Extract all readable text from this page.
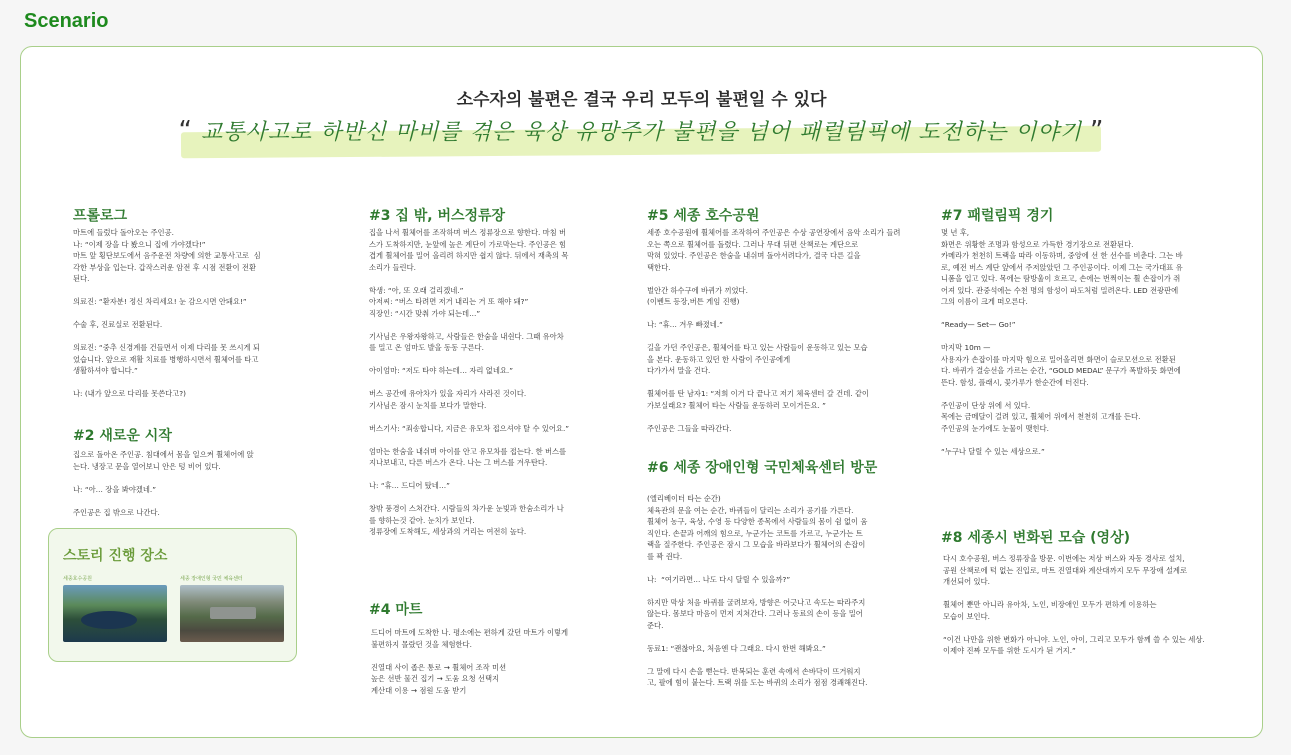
Scenario
소수자의 불편은 결국 우리 모두의 불편일 수 있다
“ 교통사고로 하반신 마비를 겪은 육상 유망주가 불편을 넘어 패럴림픽에 도전하는 이야기 ”
프롤로그
마트에 들렀다 돌아오는 주인공.
나: “이제 장을 다 봤으니 집에 가야겠다!”
마트 앞 횡단보도에서 음주운전 차량에 의한 교통사고로  심
각한 부상을 입는다. 갑작스러운 암전 후 시점 전환이 전환
된다.

의료진: “환자분! 정신 차리세요! 눈 감으시면 안돼요!”

수술 후, 진료실로 전환된다.

의료진: “중추 신경계를 건들면서 이제 다리를 못 쓰시게 되
었습니다. 앞으로 재활 치료를 병행하시면서 휠체어를 타고
생활하셔야 합니다.”

나: (내가 앞으로 다리를 못쓴다고?)
#2 새로운 시작
집으로 돌아온 주인공. 침대에서 몸을 일으켜 휠체어에 앉
는다. 냉장고 문을 열어보니 안은 텅 비어 있다.

나: “아… 장을 봐야겠네.”

주인공은 집 밖으로 나간다.
#3 집 밖, 버스정류장
집을 나서 휠체어를 조작하며 버스 정류장으로 향한다. 마침 버
스가 도착하지만, 눈앞에 높은 계단이 가로막는다. 주인공은 힘
겹게 휠체어를 밀어 올리려 하지만 쉽지 않다. 뒤에서 재촉의 목
소리가 들린다.

학생: “아, 또 오래 걸리겠네.”
아저씨: “버스 타려면 저거 내리는 거 또 해야 돼?”
직장인: “시간 맞춰 가야 되는데…”

기사님은 우왕자왕하고, 사람들은 한숨을 내쉰다. 그때 유아차
를 밀고 온 엄마도 발을 동동 구른다.

아이엄마: “저도 타야 하는데… 자리 없네요.”

버스 공간에 유아차가 있을 자리가 사라진 것이다.
기사님은 잠시 눈치를 보다가 말한다.

버스기사: “죄송합니다, 지금은 유모차 접으셔야 탈 수 있어요.”

엄마는 한숨을 내쉬며 아이를 안고 유모차를 접는다. 한 버스를
지나보내고, 다른 버스가 온다. 나는 그 버스를 겨우탄다.

나: “휴… 드디어 탔네…”

창밖 풍경이 스쳐간다. 시람들의 차가운 눈빛과 한숨소리가 나
를 향하는것 같아. 눈치가 보인다.
정류장에 도착해도, 세상과의 거리는 여전히 높다.
#4 마트
드디어 마트에 도착한 나. 평소에는 편하게 갔던 마트가 이렇게
불편하지 몰랐던 것을 체험한다.

진열대 사이 좁은 통로 → 휠체어 조작 미션
높은 선반 물건 집기 → 도움 요청 선택지
계산대 이용 → 점원 도움 받기
#5 세종 호수공원
세종 호수공원에 휠체어를 조작하여 주인공은 수상 공연장에서 음악 소리가 들려
오는 쪽으로 휠체어를 돌렸다. 그러나 무대 뒤편 산책로는 계단으로
막혀 있었다. 주인공은 한숨을 내쉬며 돌아서려다가, 결국 다른 길을
택한다.

벌안간 하수구에 바퀴가 끼었다.
(이벤트 등장,버튼 게임 진행)

나: “휴… 겨우 빠졌네.”

길을 가던 주인공은, 휠체어를 타고 있는 사람들이 운동하고 있는 모습
을 본다. 운동하고 있던 한 사람이 주인공에게
다가가서 말을 건다.

휠체어를 탄 남자1: “저희 이거 다 끝나고 저기 체육센터 갈 건데. 같이
가보실래요? 휠체어 타는 사람들 운동하러 모이거든요. ”

주인공은 그들을 따라간다.
#6 세종 장애인형 국민체육센터 방문
(엘리베이터 타는 순간)
체육관의 문을 여는 순간, 바퀴들이 달리는 소리가 공기를 가른다.
휠체어 농구, 육상, 수영 등 다양한 종목에서 사람들의 몸이 쉼 없이 움
직인다. 손끝과 어깨의 힘으로, 누군가는 코트를 가르고, 누군가는 트
랙을 질주한다. 주인공은 잠시 그 모습을 바라보다가 휠체어의 손잡이
를 꽉 쥔다.

나:  “여기라면… 나도 다시 달릴 수 있을까?”

하지만 막상 처음 바퀴를 굴려보자, 방향은 어긋나고 속도는 따라주지
않는다. 몸보다 마음이 먼저 지쳐간다. 그러나 동료의 손이 등을 밀어
준다.

동료1: “괜찮아요, 처음엔 다 그래요. 다시 한번 해봐요.”

그 말에 다시 손을 뻗는다. 반복되는 훈련 속에서 손바닥이 뜨거워지
고, 팔에 힘이 붙는다. 트랙 위를 도는 바퀴의 소리가 점점 경쾌해진다.
#7 패럴림픽 경기
몇 년 후,
화면은 위황한 조명과 함성으로 가득한 경기장으로 전환된다.
카메라가 천천히 트랙을 따라 이동하며, 중앙에 선 한 선수를 비춘다. 그는 바
로, 예전 버스 계단 앞에서 주저앉았던 그 주인공이다. 이제 그는 국가대표 유
니폼을 입고 있다. 목에는 땀방울이 흐르고, 손에는 번쩍이는 휠 손잡이가 쥐
어져 있다. 관중석에는 수천 명의 함성이 파도처럼 밀려온다. LED 전광판에
그의 이름이 크게 떠오른다.

“Ready— Set— Go!”

마지막 10m —
사용자가 손잡이를 마지막 힘으로 밀어올리면 화면이 슬로모션으로 전환된
다. 바퀴가 결승선을 가르는 순간, “GOLD MEDAL” 문구가 폭발하듯 화면에
뜬다. 함성, 플래시, 꽃가루가 한순간에 터진다.

주인공이 단상 위에 서 있다.
목에는 금메달이 걸려 있고, 휠체어 위에서 천천히 고개를 든다.
주인공의 눈가에도 눈물이 맺힌다.

“누구나 달릴 수 있는 세상으로.”
#8 세종시 변화된 모습 (영상)
다시 호수공원, 버스 정류장을 방문. 이번에는 저상 버스와 자동 경사로 설치,
공원 산책로에 턱 없는 진입로, 마트 진열대와 계산대까지 모두 무장애 설계로
개선되어 있다.

휠체어 뿐만 아니라 유아차, 노인, 비장애인 모두가 편하게 이용하는
모습이 보인다.

“이건 나만을 위한 변화가 아니야. 노인, 아이, 그리고 모두가 함께 쓸 수 있는 세상.
이제야 진짜 모두를 위한 도시가 된 거지.”
스토리 진행 장소
세종호수공원	세종 장애인형 국민 체육센터
